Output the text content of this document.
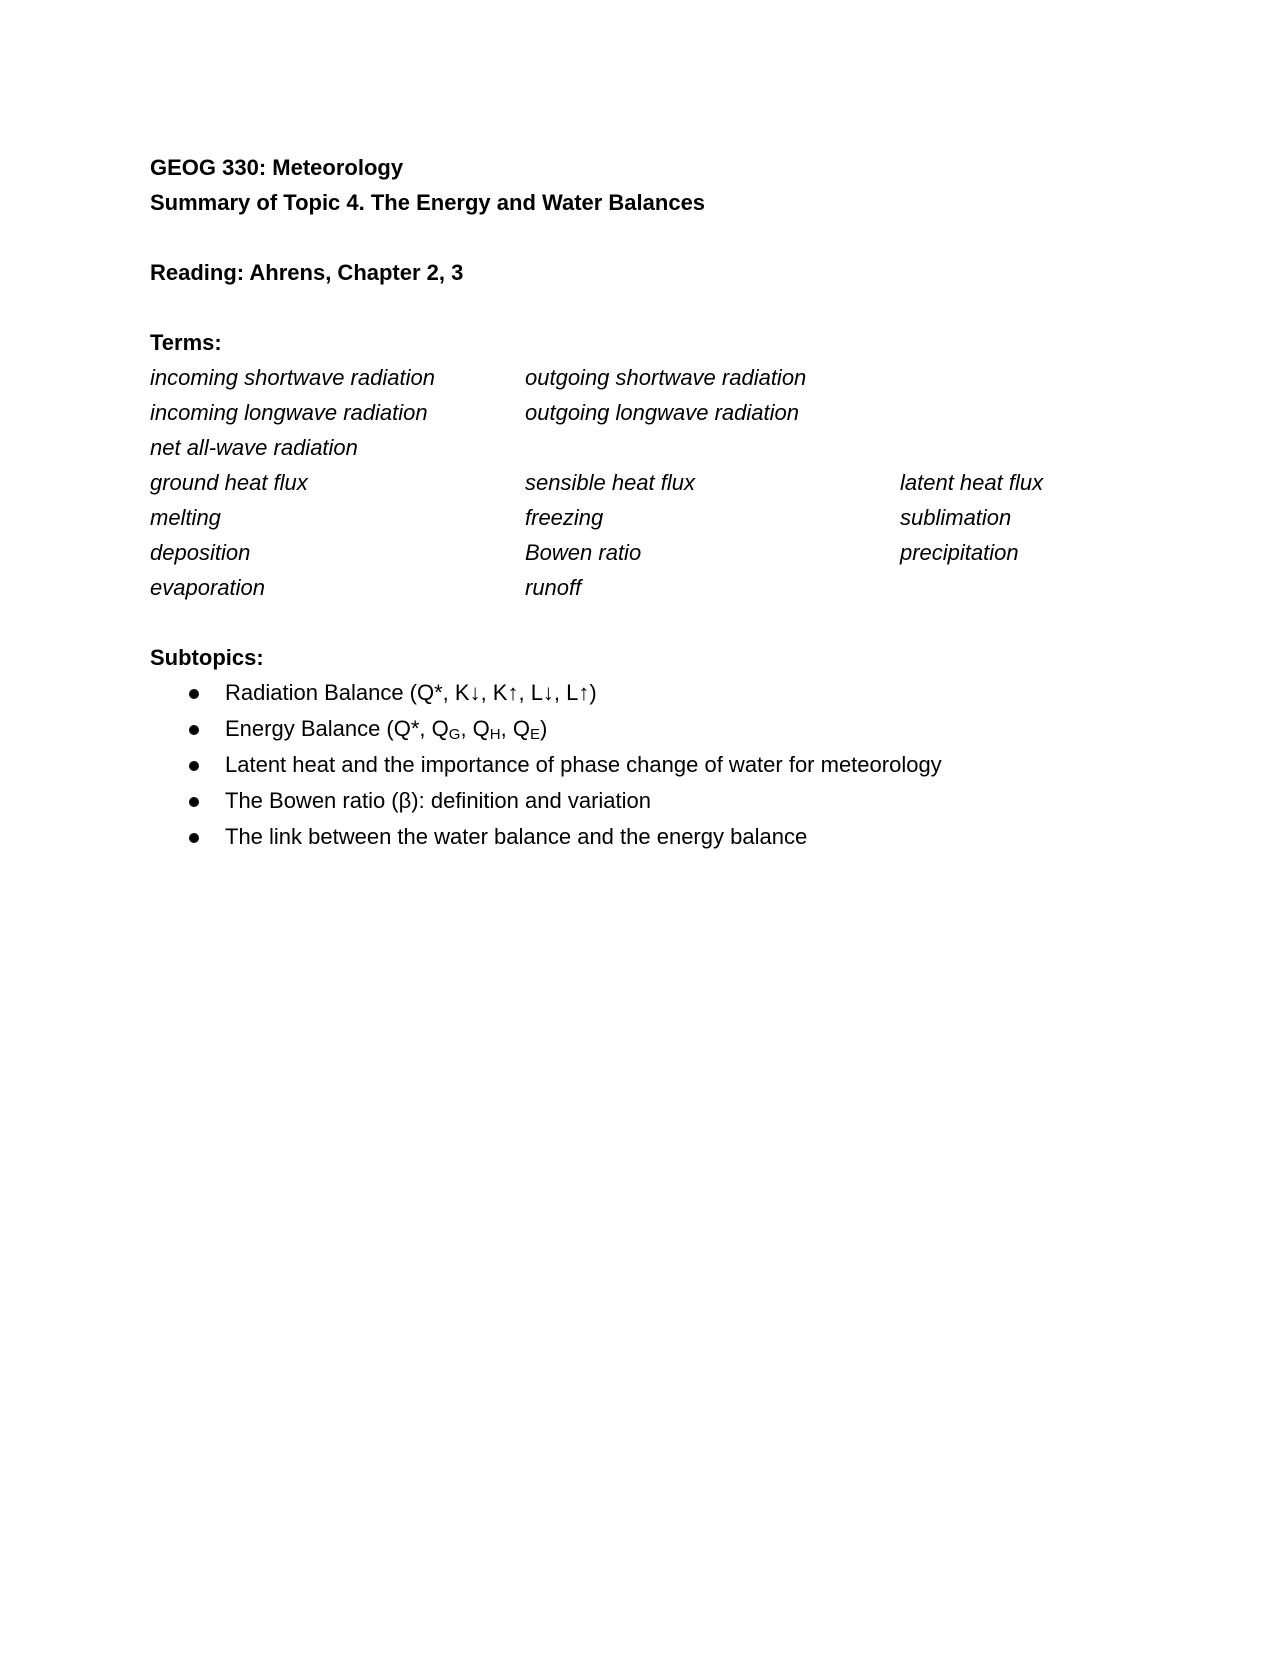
GEOG 330: Meteorology
Summary of Topic 4. The Energy and Water Balances
Reading: Ahrens, Chapter 2, 3
Terms:
incoming shortwave radiation	outgoing shortwave radiation
incoming longwave radiation	outgoing longwave radiation
net all-wave radiation
ground heat flux	sensible heat flux	latent heat flux
melting	freezing	sublimation
deposition	Bowen ratio	precipitation
evaporation	runoff
Subtopics:
Radiation Balance (Q*, K↓, K↑, L↓, L↑)
Energy Balance (Q*, $Q_G$, $Q_H$, $Q_E$)
Latent heat and the importance of phase change of water for meteorology
The Bowen ratio (β): definition and variation
The link between the water balance and the energy balance
